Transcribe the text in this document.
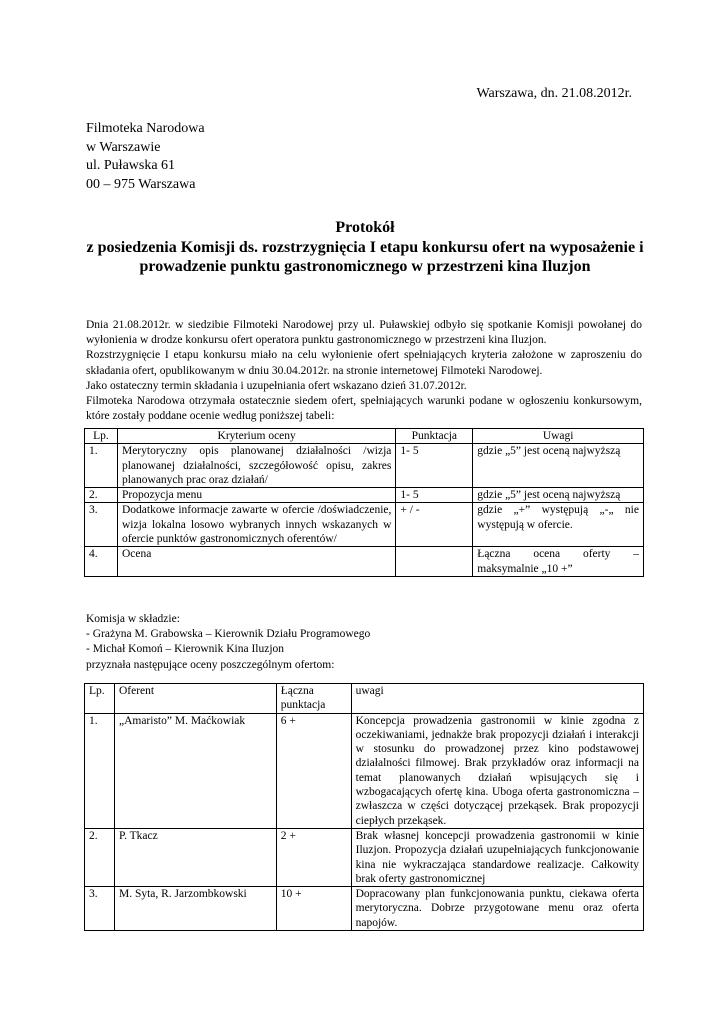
Warszawa, dn. 21.08.2012r.
Filmoteka Narodowa
w Warszawie
ul. Puławska 61
00 – 975 Warszawa
Protokół
z posiedzenia Komisji ds. rozstrzygnięcia I etapu konkursu ofert na wyposażenie i prowadzenie punktu gastronomicznego w przestrzeni kina Iluzjon

Dnia 21.08.2012r. w siedzibie Filmoteki Narodowej przy ul. Puławskiej odbyło się spotkanie Komisji powołanej do wyłonienia w drodze konkursu ofert operatora punktu gastronomicznego w przestrzeni kina Iluzjon.

Rozstrzygnięcie I etapu konkursu miało na celu wyłonienie ofert spełniających kryteria założone w zaproszeniu do składania ofert, opublikowanym w dniu 30.04.2012r. na stronie internetowej Filmoteki Narodowej.

Jako ostateczny termin składania i uzupełniania ofert wskazano dzień 31.07.2012r.

Filmoteka Narodowa otrzymała ostatecznie siedem ofert, spełniających warunki podane w ogłoszeniu konkursowym, które zostały poddane ocenie według poniższej tabeli:

Lp.	Kryterium oceny	Punktacja	Uwagi
1.	Merytoryczny opis planowanej działalności /wizja planowanej działalności, szczegółowość opisu, zakres planowanych prac oraz działań/	1- 5	gdzie „5” jest oceną najwyższą
2.	Propozycja menu	1- 5	gdzie „5” jest oceną najwyższą
3.	Dodatkowe informacje zawarte w ofercie /doświadczenie, wizja lokalna losowo wybranych innych wskazanych w ofercie punktów gastronomicznych oferentów/	+ / -	gdzie „+” występują „-„ nie występują w ofercie.
4.	Ocena		Łączna ocena oferty – maksymalnie „10 +”

Komisja w składzie:

- Grażyna M. Grabowska – Kierownik Działu Programowego

- Michał Komoń – Kierownik Kina Iluzjon

przyznała następujące oceny poszczególnym ofertom:

Lp.	Oferent	Łączna punktacja	uwagi
1.	„Amaristo” M. Maćkowiak	6 +	Koncepcja prowadzenia gastronomii w kinie zgodna z oczekiwaniami, jednakże brak propozycji działań i interakcji w stosunku do prowadzonej przez kino podstawowej działalności filmowej. Brak przykładów oraz informacji na temat planowanych działań wpisujących się i wzbogacających ofertę kina. Uboga oferta gastronomiczna – zwłaszcza w części dotyczącej przekąsek. Brak propozycji ciepłych przekąsek.
2.	P. Tkacz	2 +	Brak własnej koncepcji prowadzenia gastronomii w kinie Iluzjon. Propozycja działań uzupełniających funkcjonowanie kina nie wykraczająca standardowe realizacje. Całkowity brak oferty gastronomicznej
3.	M. Syta, R. Jarzombkowski	10 +	Dopracowany plan funkcjonowania punktu, ciekawa oferta merytoryczna. Dobrze przygotowane menu oraz oferta napojów.
